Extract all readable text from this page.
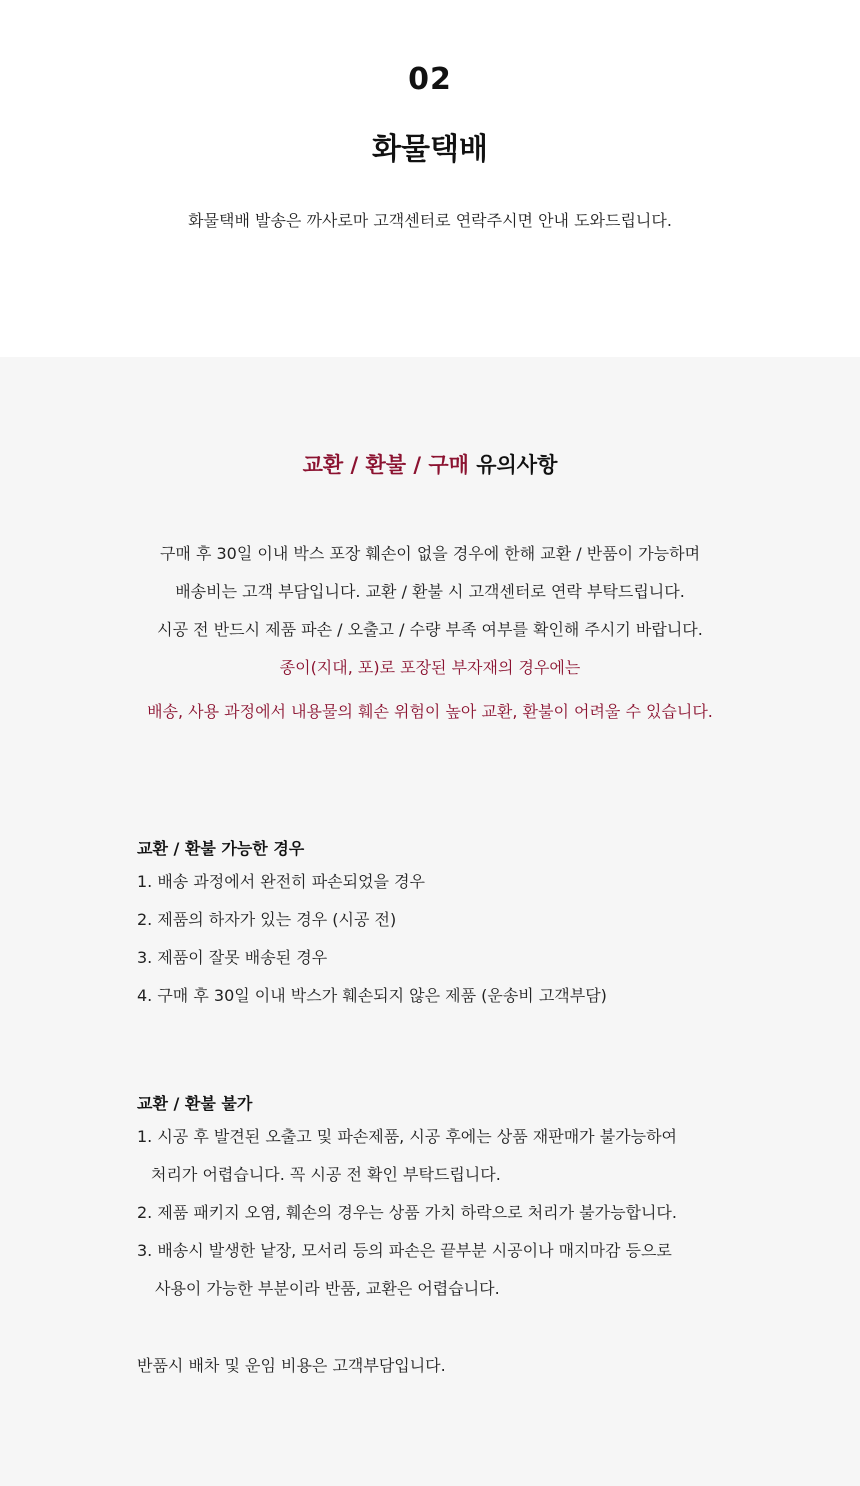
02
화물택배
화물택배 발송은 까사로마 고객센터로 연락주시면 안내 도와드립니다.
교환 / 환불 / 구매 유의사항
구매 후 30일 이내 박스 포장 훼손이 없을 경우에 한해 교환 / 반품이 가능하며
배송비는 고객 부담입니다. 교환 / 환불 시 고객센터로 연락 부탁드립니다.
시공 전 반드시 제품 파손 / 오출고 / 수량 부족 여부를 확인해 주시기 바랍니다.
종이(지대, 포)로 포장된 부자재의 경우에는
배송, 사용 과정에서 내용물의 훼손 위험이 높아 교환, 환불이 어려울 수 있습니다.
교환 / 환불 가능한 경우
1. 배송 과정에서 완전히 파손되었을 경우
2. 제품의 하자가 있는 경우 (시공 전)
3. 제품이 잘못 배송된 경우
4. 구매 후 30일 이내 박스가 훼손되지 않은 제품 (운송비 고객부담)
교환 / 환불 불가
1. 시공 후 발견된 오출고 및 파손제품, 시공 후에는 상품 재판매가 불가능하여
처리가 어렵습니다. 꼭 시공 전 확인 부탁드립니다.
2. 제품 패키지 오염, 훼손의 경우는 상품 가치 하락으로 처리가 불가능합니다.
3. 배송시 발생한 낱장, 모서리 등의 파손은 끝부분 시공이나 매지마감 등으로
사용이 가능한 부분이라 반품, 교환은 어렵습니다.
반품시 배차 및 운임 비용은 고객부담입니다.
